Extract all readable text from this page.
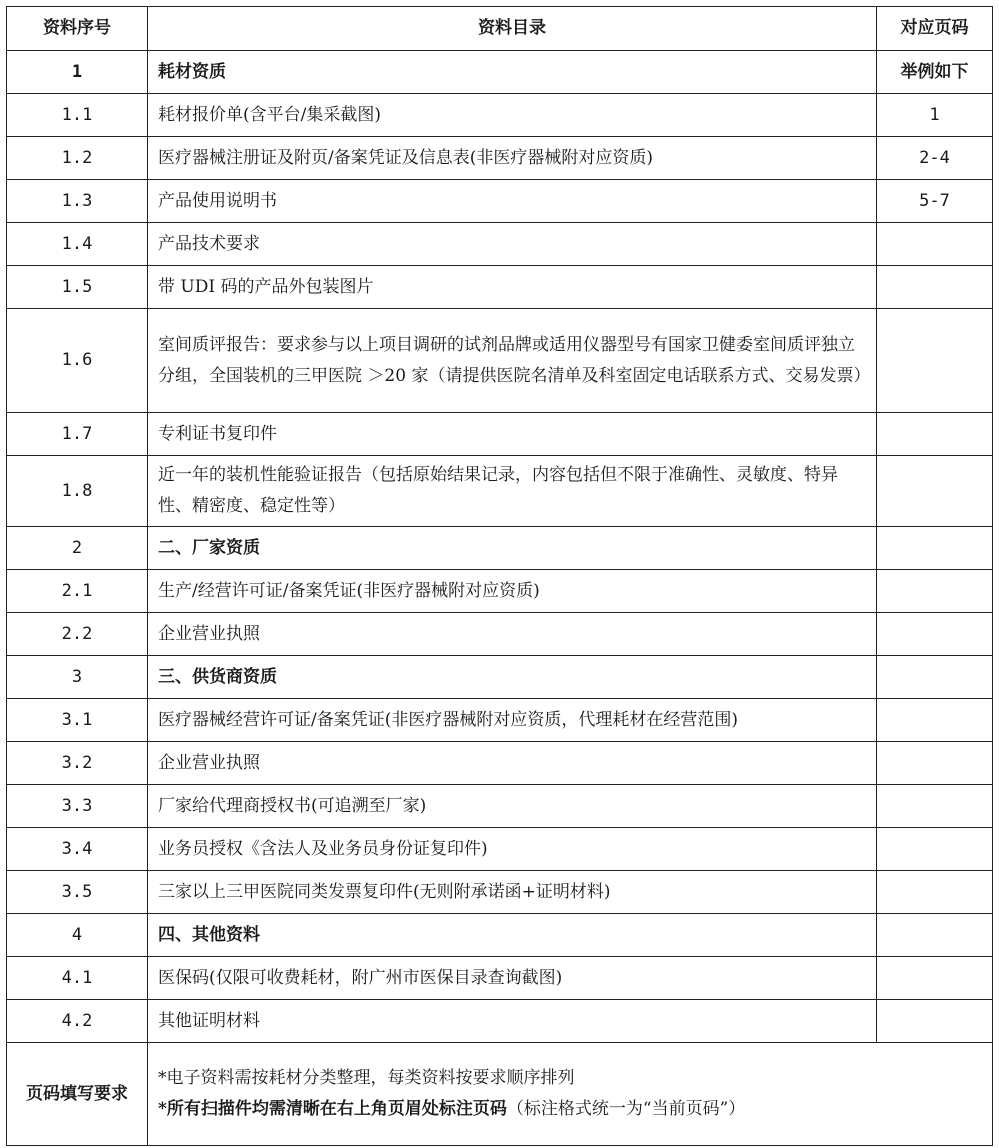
资料序号	资料目录	对应页码
1	耗材资质	举例如下
1.1	耗材报价单(含平台/集采截图)	1
1.2	医疗器械注册证及附页/备案凭证及信息表(非医疗器械附对应资质)	2-4
1.3	产品使用说明书	5-7
1.4	产品技术要求	
1.5	带 UDI 码的产品外包装图片	
1.6	室间质评报告：要求参与以上项目调研的试剂品牌或适用仪器型号有国家卫健委室间质评独立分组，全国装机的三甲医院 ＞20 家（请提供医院名清单及科室固定电话联系方式、交易发票）	
1.7	专利证书复印件	
1.8	近一年的装机性能验证报告（包括原始结果记录，内容包括但不限于准确性、灵敏度、特异性、精密度、稳定性等）	
2	二、厂家资质	
2.1	生产/经营许可证/备案凭证(非医疗器械附对应资质)	
2.2	企业营业执照	
3	三、供货商资质	
3.1	医疗器械经营许可证/备案凭证(非医疗器械附对应资质，代理耗材在经营范围)	
3.2	企业营业执照	
3.3	厂家给代理商授权书(可追溯至厂家)	
3.4	业务员授权《含法人及业务员身份证复印件)	
3.5	三家以上三甲医院同类发票复印件(无则附承诺函+证明材料)	
4	四、其他资料	
4.1	医保码(仅限可收费耗材，附广州市医保目录查询截图)	
4.2	其他证明材料	
页码填写要求	*电子资料需按耗材分类整理，每类资料按要求顺序排列
*所有扫描件均需清晰在右上角页眉处标注页码（标注格式统一为“当前页码”）	
